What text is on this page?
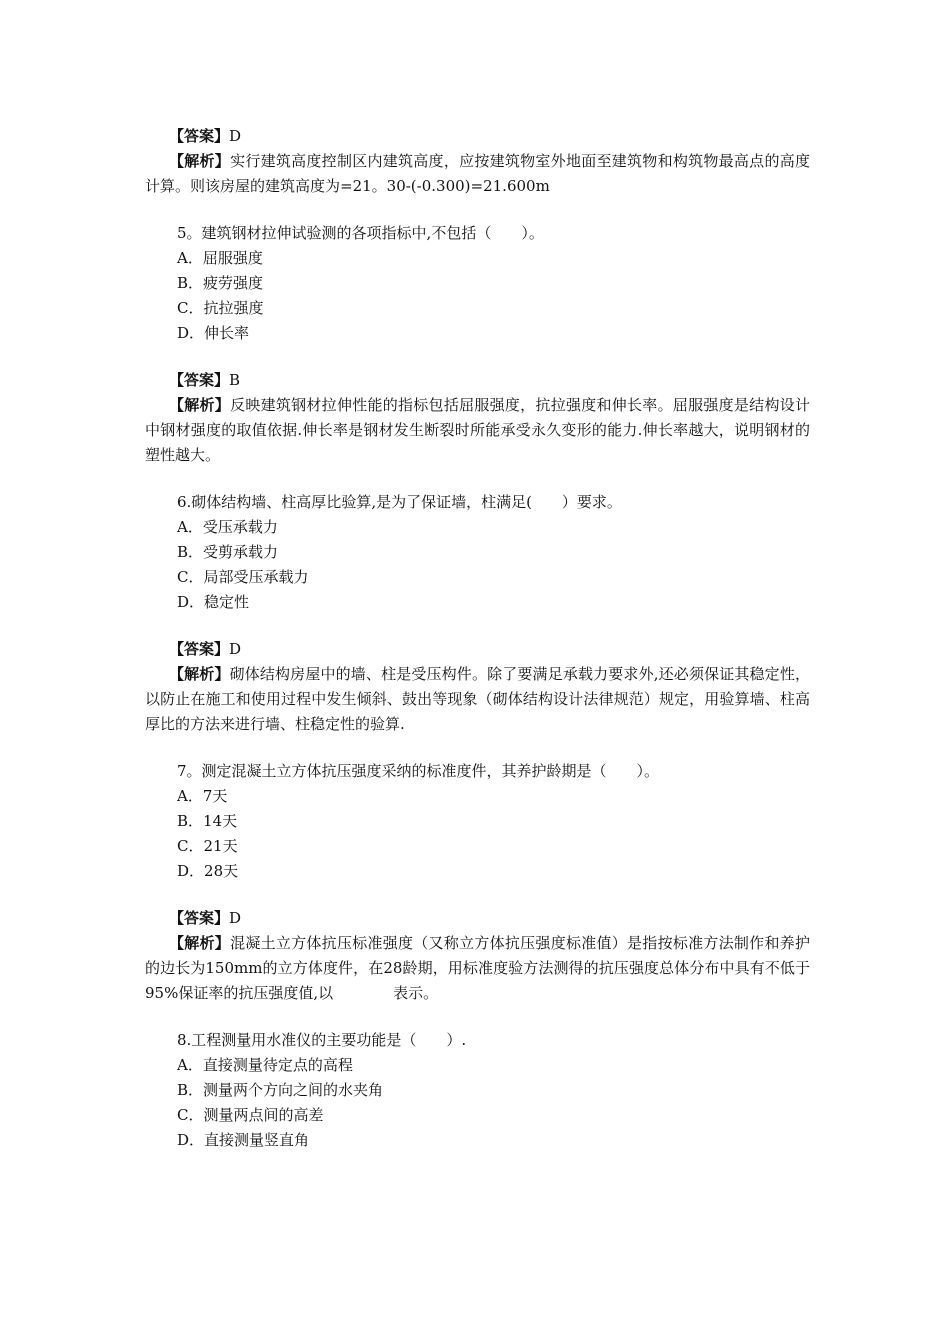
【答案】D
【解析】实行建筑高度控制区内建筑高度，应按建筑物室外地面至建筑物和构筑物最高点的高度计算。则该房屋的建筑高度为=21。30-(-0.300)=21.600m
5。建筑钢材拉伸试验测的各项指标中,不包括（　　）。
A．屈服强度
B．疲劳强度
C．抗拉强度
D．伸长率
【答案】B
【解析】反映建筑钢材拉伸性能的指标包括屈服强度，抗拉强度和伸长率。屈服强度是结构设计中钢材强度的取值依据.伸长率是钢材发生断裂时所能承受永久变形的能力.伸长率越大，说明钢材的塑性越大。
6.砌体结构墙、柱高厚比验算,是为了保证墙，柱满足(　　）要求。
A．受压承载力
B．受剪承载力
C．局部受压承载力
D．稳定性
【答案】D
【解析】砌体结构房屋中的墙、柱是受压构件。除了要满足承载力要求外,还必须保证其稳定性，以防止在施工和使用过程中发生倾斜、鼓出等现象（砌体结构设计法律规范）规定，用验算墙、柱高厚比的方法来进行墙、柱稳定性的验算.
7。测定混凝土立方体抗压强度采纳的标准度件，其养护龄期是（　　）。
A．7天
B．14天
C．21天
D．28天
【答案】D
【解析】混凝土立方体抗压标准强度（又称立方体抗压强度标准值）是指按标准方法制作和养护的边长为150mm的立方体度件，在28龄期，用标准度验方法测得的抗压强度总体分布中具有不低于95%保证率的抗压强度值,以　　　　表示。
8.工程测量用水准仪的主要功能是（　　）.
A．直接测量待定点的高程
B．测量两个方向之间的水夹角
C．测量两点间的高差
D．直接测量竖直角
